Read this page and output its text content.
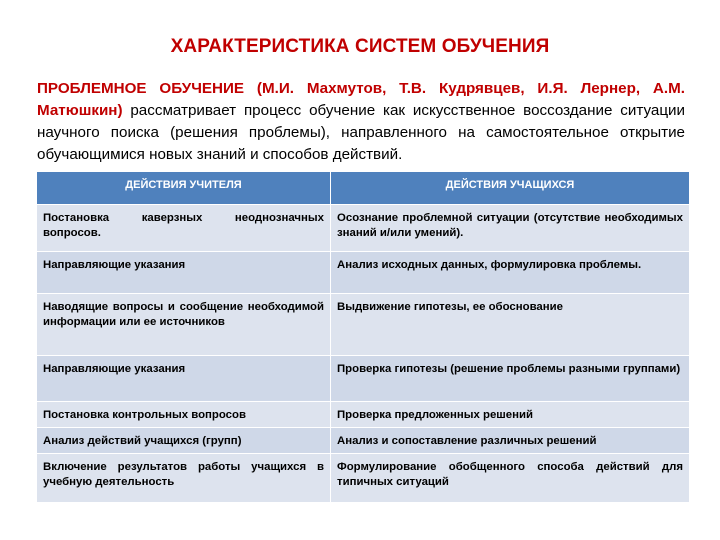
ХАРАКТЕРИСТИКА СИСТЕМ ОБУЧЕНИЯ
ПРОБЛЕМНОЕ ОБУЧЕНИЕ (М.И. Махмутов, Т.В. Кудрявцев, И.Я. Лернер, А.М. Матюшкин) рассматривает процесс обучение как искусственное воссоздание ситуации научного поиска (решения проблемы), направленного на самостоятельное открытие обучающимися новых знаний и способов действий.
ДЕЙСТВИЯ УЧИТЕЛЯ	ДЕЙСТВИЯ УЧАЩИХСЯ
Постановка каверзных неоднозначных вопросов.	Осознание проблемной ситуации (отсутствие необходимых знаний и/или умений).
Направляющие указания	Анализ исходных данных, формулировка проблемы.
Наводящие вопросы и сообщение необходимой информации или ее источников	Выдвижение гипотезы, ее обоснование
Направляющие указания	Проверка гипотезы (решение проблемы разными группами)
Постановка контрольных вопросов	Проверка предложенных решений
Анализ действий учащихся (групп)	Анализ и сопоставление различных решений
Включение результатов работы учащихся в учебную деятельность	Формулирование обобщенного способа действий для типичных ситуаций
